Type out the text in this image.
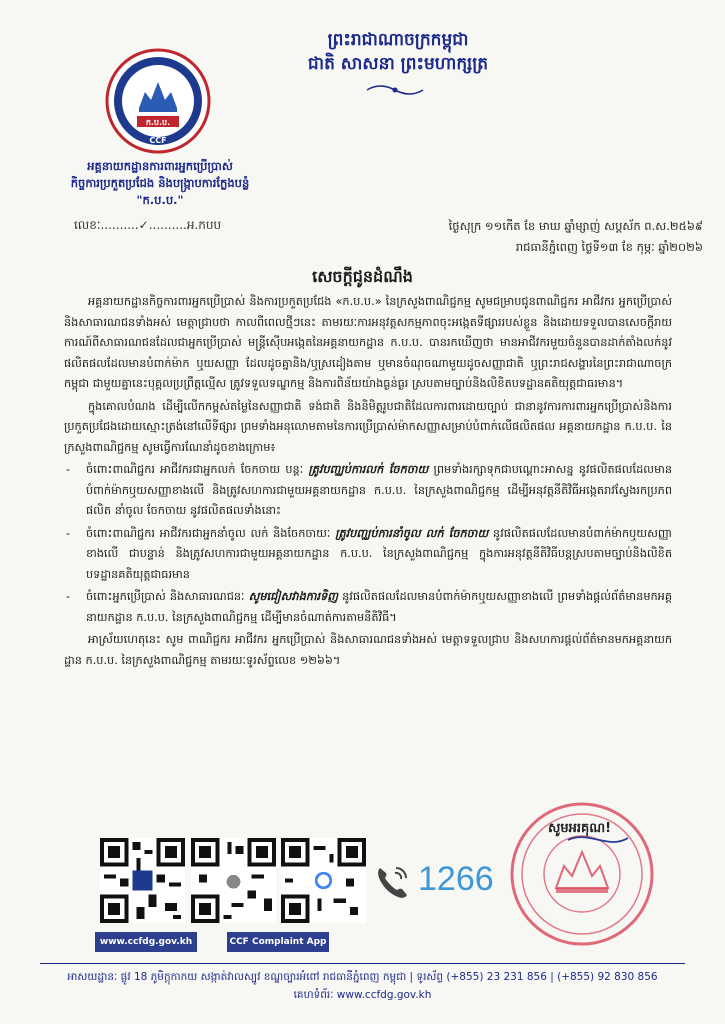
ក.ប.ប.
CCF
អគ្គនាយកដ្ឋានការពារអ្នកប្រើប្រាស់
កិច្ចការប្រកួតប្រជែង និងបង្ក្រាបការក្លែងបន្លំ
"ក.ប.ប."
ព្រះរាជាណាចក្រកម្ពុជា
ជាតិ សាសនា ព្រះមហាក្សត្រ
លេខៈ..........✓..........អ.កបប	ថ្ងៃសុក្រ ១១កើត ខែ មាឃ ឆ្នាំម្សាញ់ សប្តស័ក ព.ស.២៥៦៩
រាជធានីភ្នំពេញ ថ្ងៃទី១៣ ខែ កុម្ភៈ ឆ្នាំ២០២៦
សេចក្តីជូនដំណឹង

អគ្គនាយកដ្ឋានកិច្ចការពារអ្នកប្រើប្រាស់ និងការប្រកួតប្រជែង «ក.ប.ប.» នៃក្រសួងពាណិជ្ជកម្ម សូមជម្រាបជូនពាណិជ្ជករ អាជីវករ អ្នកប្រើប្រាស់ និងសាធារណជនទាំងអស់ មេត្តាជ្រាបថា កាលពីពេលថ្មីៗនេះ តាមរយៈការអនុវត្តសកម្មភាពចុះអង្កេតទីផ្សាររបស់ខ្លួន និងដោយទទួលបានសេចក្តីរាយការណ៍ពីសាធារណជនដែលជាអ្នកប្រើប្រាស់ មន្ត្រីស៊ើបអង្កេតនៃអគ្គនាយកដ្ឋាន ក.ប.ប. បានរកឃើញថា មានអាជីវករមួយចំនួនបានដាក់តាំងលក់នូវផលិតផលដែលមានបំពាក់ម៉ាក ឬយសញ្ញា ដែលដូចគ្នានិង/ឬស្រដៀងតាម ឬមានចំណុចណាមួយដូចសញ្ញាជាតិ ឬព្រះរាជសង្ហារនៃព្រះរាជាណាចក្រកម្ពុជា ជាមួយគ្នានេះបុគ្គលប្រព្រឹត្តល្មើស ត្រូវទទួលទណ្ឌកម្ម និងការពិន័យយ៉ាងធ្ងន់ធ្ងរ ស្របតាមច្បាប់និងលិខិតបទដ្ឋានគតិយុត្តជាធរមាន។

ក្នុងគោលបំណង ដើម្បីលើកកម្ពស់តម្លៃនៃសញ្ញាជាតិ ទង់ជាតិ និងនិមិត្តរូបជាតិដែលការពារដោយច្បាប់ ជានានូវការការពារអ្នកប្រើប្រាស់និងការប្រកួតប្រជែងដោយស្មោះត្រង់នៅលើទីផ្សារ ព្រមទាំងអនុលោមតាមនៃការប្រើប្រាស់ម៉ាកសញ្ញាសម្រាប់បំពាក់លើផលិតផល អគ្គនាយកដ្ឋាន ក.ប.ប. នៃក្រសួងពាណិជ្ជកម្ម សូមធ្វើការណែនាំដូចខាងក្រោម៖

- ចំពោះពាណិជ្ជករ អាជីវករជាអ្នកលក់ ចែកចាយ បន្តៈ ត្រូវបញ្ឈប់ការលក់ ចែកចាយ ព្រមទាំងរក្សាទុកជាបណ្តោះអាសន្ន នូវផលិតផលដែលមានបំពាក់ម៉ាកឬយសញ្ញាខាងលើ និងត្រូវសហការជាមួយអគ្គនាយកដ្ឋាន ក.ប.ប. នៃក្រសួងពាណិជ្ជកម្ម ដើម្បីអនុវត្តនីតិវិធីអង្កេតរាវស្វែងរកប្រភពផលិត នាំចូល ចែកចាយ នូវផលិតផលទាំងនោះ
- ចំពោះពាណិជ្ជករ អាជីវករជាអ្នកនាំចូល លក់ និងចែកចាយៈ ត្រូវបញ្ឈប់ការនាំចូល លក់ ចែកចាយ នូវផលិតផលដែលមានបំពាក់ម៉ាកឬយសញ្ញាខាងលើ ជាបន្ទាន់ និងត្រូវសហការជាមួយអគ្គនាយកដ្ឋាន ក.ប.ប. នៃក្រសួងពាណិជ្ជកម្ម ក្នុងការអនុវត្តនីតិវិធីបន្តស្របតាមច្បាប់និងលិខិតបទដ្ឋានគតិយុត្តជាធរមាន
- ចំពោះអ្នកប្រើប្រាស់ និងសាធារណជនៈ សូមជៀសវាងការទិញ នូវផលិតផលដែលមានបំពាក់ម៉ាកឬយសញ្ញាខាងលើ ព្រមទាំងផ្តល់ព័ត៌មានមកអគ្គនាយកដ្ឋាន ក.ប.ប. នៃក្រសួងពាណិជ្ជកម្ម ដើម្បីមានចំណាត់ការតាមនីតិវិធី។

អាស្រ័យហេតុនេះ សូម ពាណិជ្ជករ អាជីវករ អ្នកប្រើប្រាស់ និងសាធារណជនទាំងអស់ មេត្តាទទួលជ្រាប និងសហការផ្តល់ព័ត៌មានមកអគ្គនាយកដ្ឋាន ក.ប.ប. នៃក្រសួងពាណិជ្ជកម្ម តាមរយៈទូរស័ព្ទលេខ ១២៦៦។

www.ccfdg.gov.kh	CCF Complaint App
1266
សូមអរគុណ!
អាសយដ្ឋានៈ ផ្លូវ 18 ភូមិក្តុកាកយ សង្កាត់វាលស្បូវ ខណ្ឌច្បារអំពៅ រាជធានីភ្នំពេញ កម្ពុជា | ទូរស័ព្ទ (+855) 23 231 856 | (+855) 92 830 856
គេហទំព័រៈ www.ccfdg.gov.kh
